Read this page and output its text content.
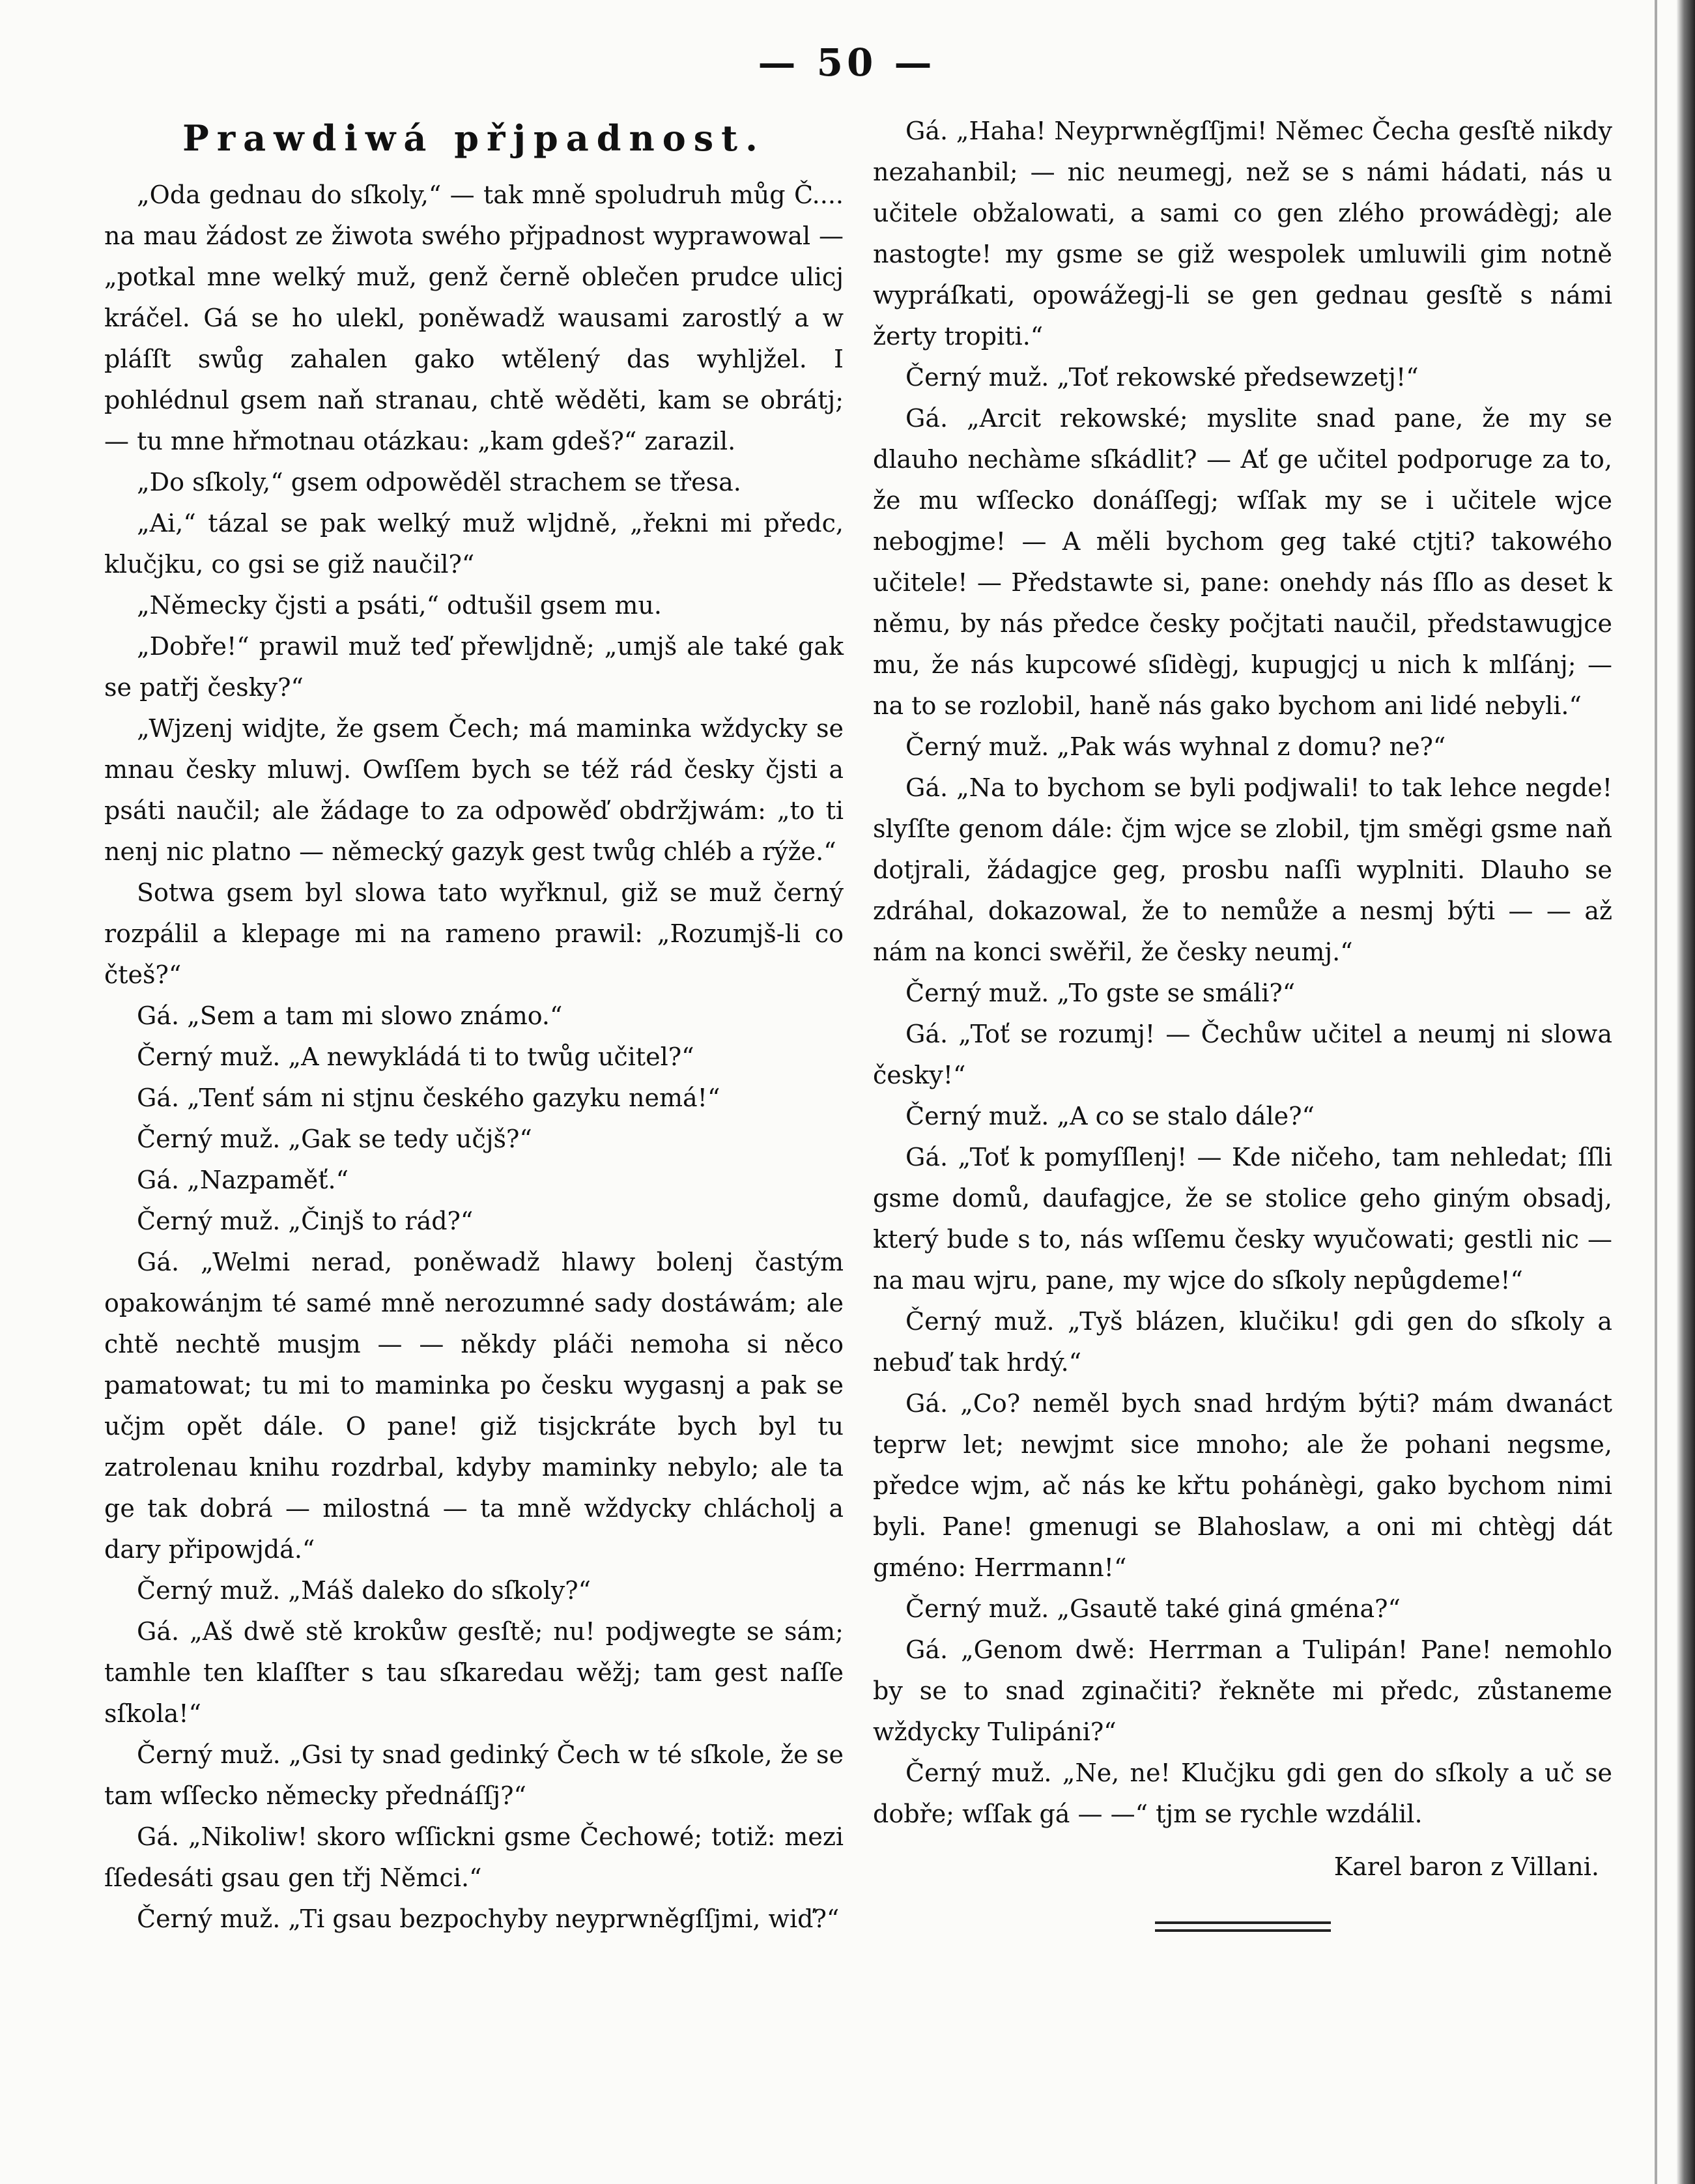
— 50 —
Prawdiwá přjpadnost.

„Oda gednau do sſkoly,“ — tak mně spoludruh můg Č.... na mau žádost ze žiwota swého přjpadnost wyprawowal — „potkal mne welký muž, genž černě oblečen prudce ulicj kráčel. Gá se ho ulekl, poněwadž wausami zarostlý a w pláſſt swůg zahalen gako wtělený das wyhljžel. I pohlédnul gsem naň stranau, chtě wěděti, kam se obrátj; — tu mne hřmotnau otázkau: „kam gdeš?“ zarazil.

„Do sſkoly,“ gsem odpowěděl strachem se třesa.

„Ai,“ tázal se pak welký muž wljdně, „řekni mi předc, klučjku, co gsi se giž naučil?“

„Německy čjsti a psáti,“ odtušil gsem mu.

„Dobře!“ prawil muž teď přewljdně; „umjš ale také gak se patřj česky?“

„Wjzenj widjte, že gsem Čech; má maminka wždycky se mnau česky mluwj. Owſſem bych se též rád česky čjsti a psáti naučil; ale žádage to za odpowěď obdržjwám: „to ti nenj nic platno — německý gazyk gest twůg chléb a rýže.“

Sotwa gsem byl slowa tato wyřknul, giž se muž černý rozpálil a klepage mi na rameno prawil: „Rozumjš-li co čteš?“

Gá. „Sem a tam mi slowo známo.“

Černý muž. „A newykládá ti to twůg učitel?“

Gá. „Tenť sám ni stjnu českého gazyku nemá!“

Černý muž. „Gak se tedy učjš?“

Gá. „Nazpaměť.“

Černý muž. „Činjš to rád?“

Gá. „Welmi nerad, poněwadž hlawy bolenj častým opakowánjm té samé mně nerozumné sady dostáwám; ale chtě nechtě musjm — — někdy pláči nemoha si něco pamatowat; tu mi to maminka po česku wygasnj a pak se učjm opět dále. O pane! giž tisjckráte bych byl tu zatrolenau knihu rozdrbal, kdyby maminky nebylo; ale ta ge tak dobrá — milostná — ta mně wždycky chlácholj a dary připowjdá.“

Černý muž. „Máš daleko do sſkoly?“

Gá. „Aš dwě stě krokůw gesſtě; nu! podjwegte se sám; tamhle ten klaſſter s tau sſkaredau wěžj; tam gest naſſe sſkola!“

Černý muž. „Gsi ty snad gedinký Čech w té sſkole, že se tam wſſecko německy přednáſſj?“

Gá. „Nikoliw! skoro wſſickni gsme Čechowé; totiž: mezi ſſedesáti gsau gen třj Němci.“

Černý muž. „Ti gsau bezpochyby neyprwněgſſjmi, wiď?“

Gá. „Haha! Neyprwněgſſjmi! Němec Čecha gesſtě nikdy nezahanbil; — nic neumegj, než se s námi hádati, nás u učitele obžalowati, a sami co gen zlého prowádègj; ale nastogte! my gsme se giž wespolek umluwili gim notně wypráſkati, opowážegj-li se gen gednau gesſtě s námi žerty tropiti.“

Černý muž. „Toť rekowské předsewzetj!“

Gá. „Arcit rekowské; myslite snad pane, že my se dlauho nechàme sſkádlit? — Ať ge učitel podporuge za to, že mu wſſecko donáſſegj; wſſak my se i učitele wjce nebogjme! — A měli bychom geg také ctjti? takowého učitele! — Předstawte si, pane: onehdy nás ſſlo as deset k němu, by nás předce česky počjtati naučil, předstawugjce mu, že nás kupcowé sſidègj, kupugjcj u nich k mlſánj; — na to se rozlobil, haně nás gako bychom ani lidé nebyli.“

Černý muž. „Pak wás wyhnal z domu? ne?“

Gá. „Na to bychom se byli podjwali! to tak lehce negde! slyſſte genom dále: čjm wjce se zlobil, tjm směgi gsme naň dotjrali, žádagjce geg, prosbu naſſi wyplniti. Dlauho se zdráhal, dokazowal, že to nemůže a nesmj býti — — až nám na konci swěřil, že česky neumj.“

Černý muž. „To gste se smáli?“

Gá. „Toť se rozumj! — Čechůw učitel a neumj ni slowa česky!“

Černý muž. „A co se stalo dále?“

Gá. „Toť k pomyſſlenj! — Kde ničeho, tam nehledat; ſſli gsme domů, daufagjce, že se stolice geho giným obsadj, který bude s to, nás wſſemu česky wyučowati; gestli nic — na mau wjru, pane, my wjce do sſkoly nepůgdeme!“

Černý muž. „Tyš blázen, klučiku! gdi gen do sſkoly a nebuď tak hrdý.“

Gá. „Co? neměl bych snad hrdým býti? mám dwanáct teprw let; newjmt sice mnoho; ale že pohani negsme, předce wjm, ač nás ke křtu pohánègi, gako bychom nimi byli. Pane! gmenugi se Blahoslaw, a oni mi chtègj dát gméno: Herrmann!“

Černý muž. „Gsautě také giná gména?“

Gá. „Genom dwě: Herrman a Tulipán! Pane! nemohlo by se to snad zginačiti? řekněte mi předc, zůstaneme wždycky Tulipáni?“

Černý muž. „Ne, ne! Klučjku gdi gen do sſkoly a uč se dobře; wſſak gá — —“ tjm se rychle wzdálil.

Karel baron z Villani.
